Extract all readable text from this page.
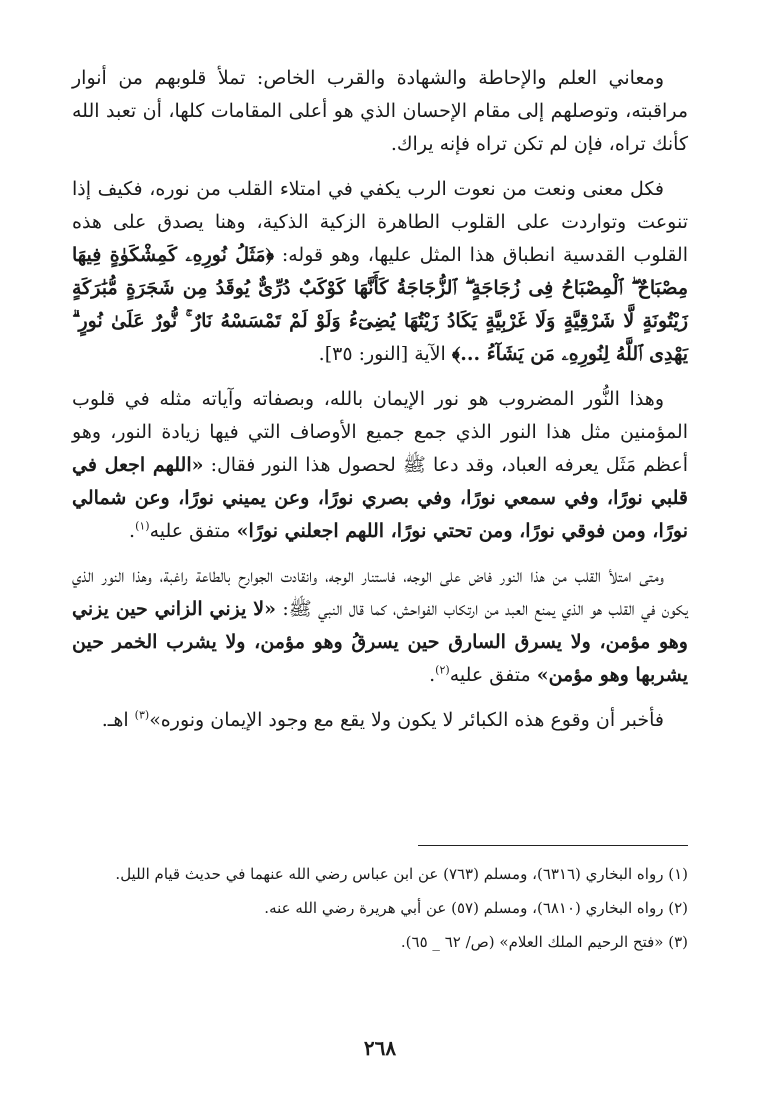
ومعاني العلم والإحاطة والشهادة والقرب الخاص: تملأ قلوبهم من أنوار مراقبته، وتوصلهم إلى مقام الإحسان الذي هو أعلى المقامات كلها، أن تعبد الله كأنك تراه، فإن لم تكن تراه فإنه يراك.

فكل معنى ونعت من نعوت الرب يكفي في امتلاء القلب من نوره، فكيف إذا تنوعت وتواردت على القلوب الطاهرة الزكية الذكية، وهنا يصدق على هذه القلوب القدسية انطباق هذا المثل عليها، وهو قوله: ﴿مَثَلُ نُورِهِۦ كَمِشْكَوٰةٍ فِيهَا مِصْبَاحٌ ۖ ٱلْمِصْبَاحُ فِى زُجَاجَةٍ ۖ ٱلزُّجَاجَةُ كَأَنَّهَا كَوْكَبٌ دُرِّىٌّ يُوقَدُ مِن شَجَرَةٍ مُّبَٰرَكَةٍ زَيْتُونَةٍ لَّا شَرْقِيَّةٍ وَلَا غَرْبِيَّةٍ يَكَادُ زَيْتُهَا يُضِىٓءُ وَلَوْ لَمْ تَمْسَسْهُ نَارٌ ۚ نُّورٌ عَلَىٰ نُورٍ ۗ يَهْدِى ٱللَّهُ لِنُورِهِۦ مَن يَشَآءُ ...﴾ الآية [النور: ٣٥].

وهذا النُّور المضروب هو نور الإيمان بالله، وبصفاته وآياته مثله في قلوب المؤمنين مثل هذا النور الذي جمع جميع الأوصاف التي فيها زيادة النور، وهو أعظم مَثَل يعرفه العباد، وقد دعا ﷺ لحصول هذا النور فقال: «اللهم اجعل في قلبي نورًا، وفي سمعي نورًا، وفي بصري نورًا، وعن يميني نورًا، وعن شمالي نورًا، ومن فوقي نورًا، ومن تحتي نورًا، اللهم اجعلني نورًا» متفق عليه$^{(١)}$.

ومتى امتلأ القلب من هذا النور فاض على الوجه، فاستنار الوجه، وانقادت الجوارح بالطاعة راغبة، وهذا النور الذي يكون في القلب هو الذي يمنع العبد من ارتكاب الفواحش، كما قال النبي ﷺ: «لا يزني الزاني حين يزني وهو مؤمن، ولا يسرق السارق حين يسرقُ وهو مؤمن، ولا يشرب الخمر حين يشربها وهو مؤمن» متفق عليه$^{(٢)}$.

فأخبر أن وقوع هذه الكبائر لا يكون ولا يقع مع وجود الإيمان ونوره»$^{(٣)}$ اهـ.

(١) رواه البخاري (٦٣١٦)، ومسلم (٧٦٣) عن ابن عباس رضي الله عنهما في حديث قيام الليل.

(٢) رواه البخاري (٦٨١٠)، ومسلم (٥٧) عن أبي هريرة رضي الله عنه.

(٣) «فتح الرحيم الملك العلام» (ص/ ٦٢ _ ٦٥).

٢٦٨
